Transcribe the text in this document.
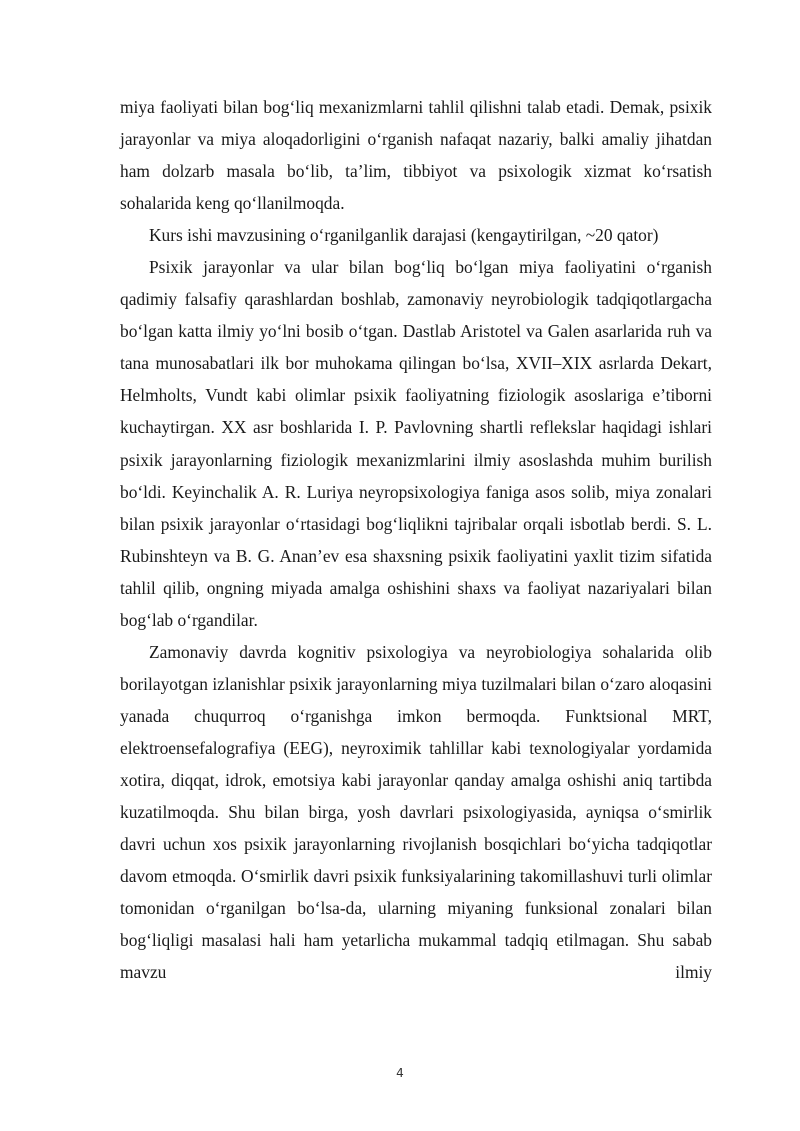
miya faoliyati bilan bog‘liq mexanizmlarni tahlil qilishni talab etadi. Demak, psixik jarayonlar va miya aloqadorligini o‘rganish nafaqat nazariy, balki amaliy jihatdan ham dolzarb masala bo‘lib, ta’lim, tibbiyot va psixologik xizmat ko‘rsatish sohalarida keng qo‘llanilmoqda.

Kurs ishi mavzusining o‘rganilganlik darajasi (kengaytirilgan, ~20 qator)

Psixik jarayonlar va ular bilan bog‘liq bo‘lgan miya faoliyatini o‘rganish qadimiy falsafiy qarashlardan boshlab, zamonaviy neyrobiologik tadqiqotlargacha bo‘lgan katta ilmiy yo‘lni bosib o‘tgan. Dastlab Aristotel va Galen asarlarida ruh va tana munosabatlari ilk bor muhokama qilingan bo‘lsa, XVII–XIX asrlarda Dekart, Helmholts, Vundt kabi olimlar psixik faoliyatning fiziologik asoslariga e’tiborni kuchaytirgan. XX asr boshlarida I. P. Pavlovning shartli reflekslar haqidagi ishlari psixik jarayonlarning fiziologik mexanizmlarini ilmiy asoslashda muhim burilish bo‘ldi. Keyinchalik A. R. Luriya neyropsixologiya faniga asos solib, miya zonalari bilan psixik jarayonlar o‘rtasidagi bog‘liqlikni tajribalar orqali isbotlab berdi. S. L. Rubinshteyn va B. G. Anan’ev esa shaxsning psixik faoliyatini yaxlit tizim sifatida tahlil qilib, ongning miyada amalga oshishini shaxs va faoliyat nazariyalari bilan bog‘lab o‘rgandilar.

Zamonaviy davrda kognitiv psixologiya va neyrobiologiya sohalarida olib borilayotgan izlanishlar psixik jarayonlarning miya tuzilmalari bilan o‘zaro aloqasini yanada chuqurroq o‘rganishga imkon bermoqda. Funktsional MRT, elektroensefalografiya (EEG), neyroximik tahlillar kabi texnologiyalar yordamida xotira, diqqat, idrok, emotsiya kabi jarayonlar qanday amalga oshishi aniq tartibda kuzatilmoqda. Shu bilan birga, yosh davrlari psixologiyasida, ayniqsa o‘smirlik davri uchun xos psixik jarayonlarning rivojlanish bosqichlari bo‘yicha tadqiqotlar davom etmoqda. O‘smirlik davri psixik funksiyalarining takomillashuvi turli olimlar tomonidan o‘rganilgan bo‘lsa-da, ularning miyaning funksional zonalari bilan bog‘liqligi masalasi hali ham yetarlicha mukammal tadqiq etilmagan. Shu sabab mavzu ilmiy

4
